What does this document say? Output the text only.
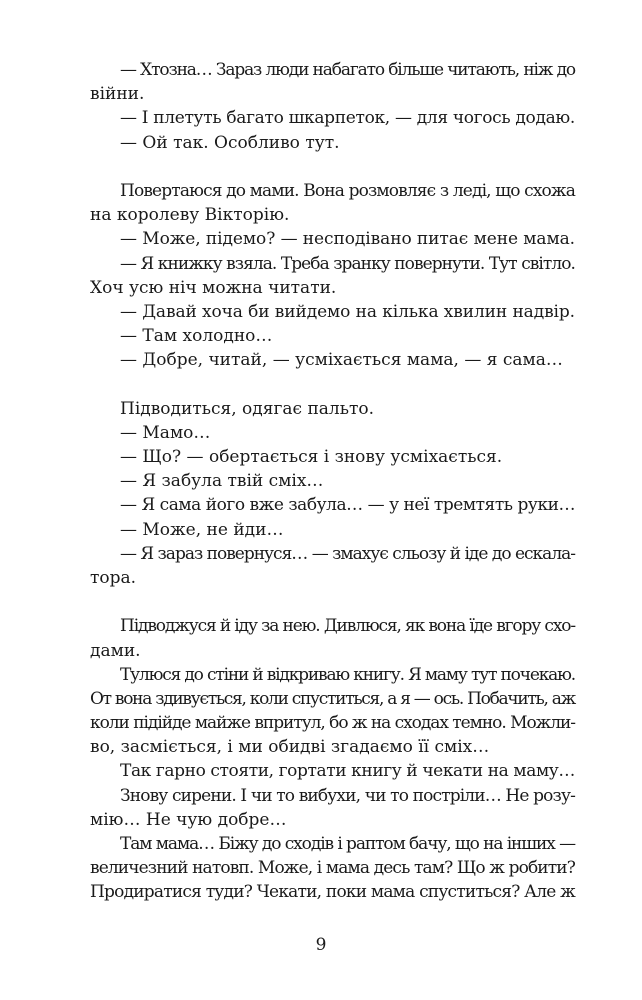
— Хтозна… Зараз люди набагато більше читають, ніж до
війни.
— І плетуть багато шкарпеток, — для чогось додаю.
— Ой так. Особливо тут.
Повертаюся до мами. Вона розмовляє з леді, що схожа
на королеву Вікторію.
— Може, підемо? — несподівано питає мене мама.
— Я книжку взяла. Треба зранку повернути. Тут світло.
Хоч усю ніч можна читати.
— Давай хоча би вийдемо на кілька хвилин надвір.
— Там холодно…
— Добре, читай, — усміхається мама, — я сама…
Підводиться, одягає пальто.
— Мамо…
— Що? — обертається і знову усміхається.
— Я забула твій сміх…
— Я сама його вже забула… — у неї тремтять руки…
— Може, не йди…
— Я зараз повернуся… — змахує сльозу й іде до ескала-
тора.
Підводжуся й іду за нею. Дивлюся, як вона їде вгору схо-
дами.
Тулюся до стіни й відкриваю книгу. Я маму тут почекаю.
От вона здивується, коли спуститься, а я — ось. Побачить, аж
коли підійде майже впритул, бо ж на сходах темно. Можли-
во, засміється, і ми обидві згадаємо її сміх…
Так гарно стояти, гортати книгу й чекати на маму…
Знову сирени. І чи то вибухи, чи то постріли… Не розу-
мію… Не чую добре…
Там мама… Біжу до сходів і раптом бачу, що на інших —
величезний натовп. Може, і мама десь там? Що ж робити?
Продиратися туди? Чекати, поки мама спуститься? Але ж
9
